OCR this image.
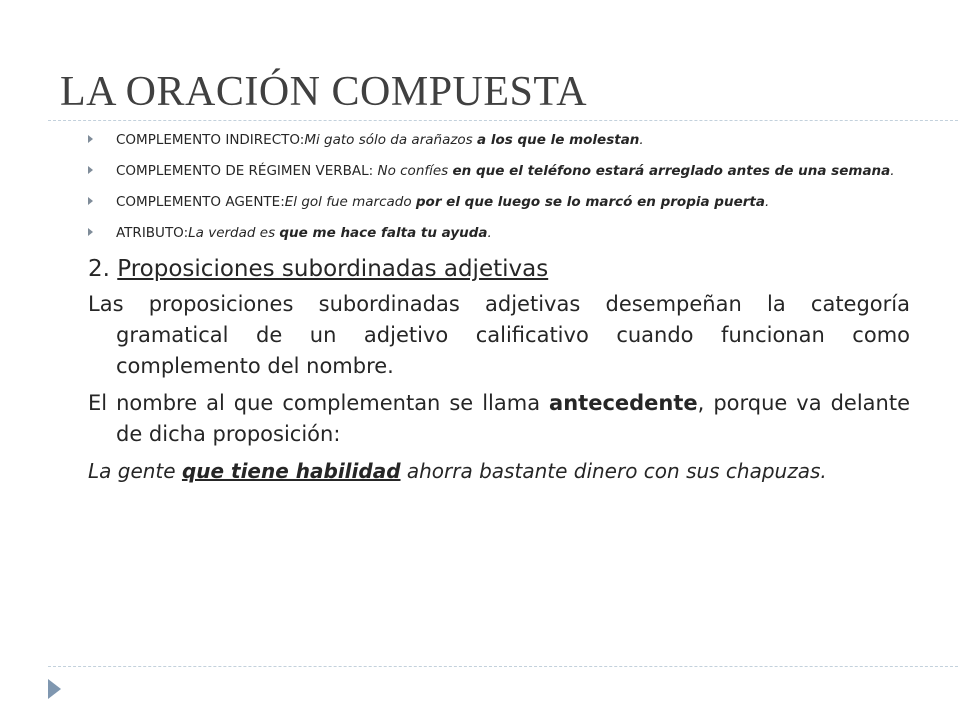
LA ORACIÓN COMPUESTA
COMPLEMENTO INDIRECTO:Mi gato sólo da arañazos a los que le molestan.
COMPLEMENTO DE RÉGIMEN VERBAL: No confíes en que el teléfono estará arreglado antes de una semana.
COMPLEMENTO AGENTE:El gol fue marcado por el que luego se lo marcó en propia puerta.
ATRIBUTO:La verdad es que me hace falta tu ayuda.
2. Proposiciones subordinadas adjetivas

Las proposiciones subordinadas adjetivas desempeñan la categoría gramatical de un adjetivo calificativo cuando funcionan como complemento del nombre.

El nombre al que complementan se llama antecedente, porque va delante de dicha proposición:

La gente que tiene habilidad ahorra bastante dinero con sus chapuzas.
